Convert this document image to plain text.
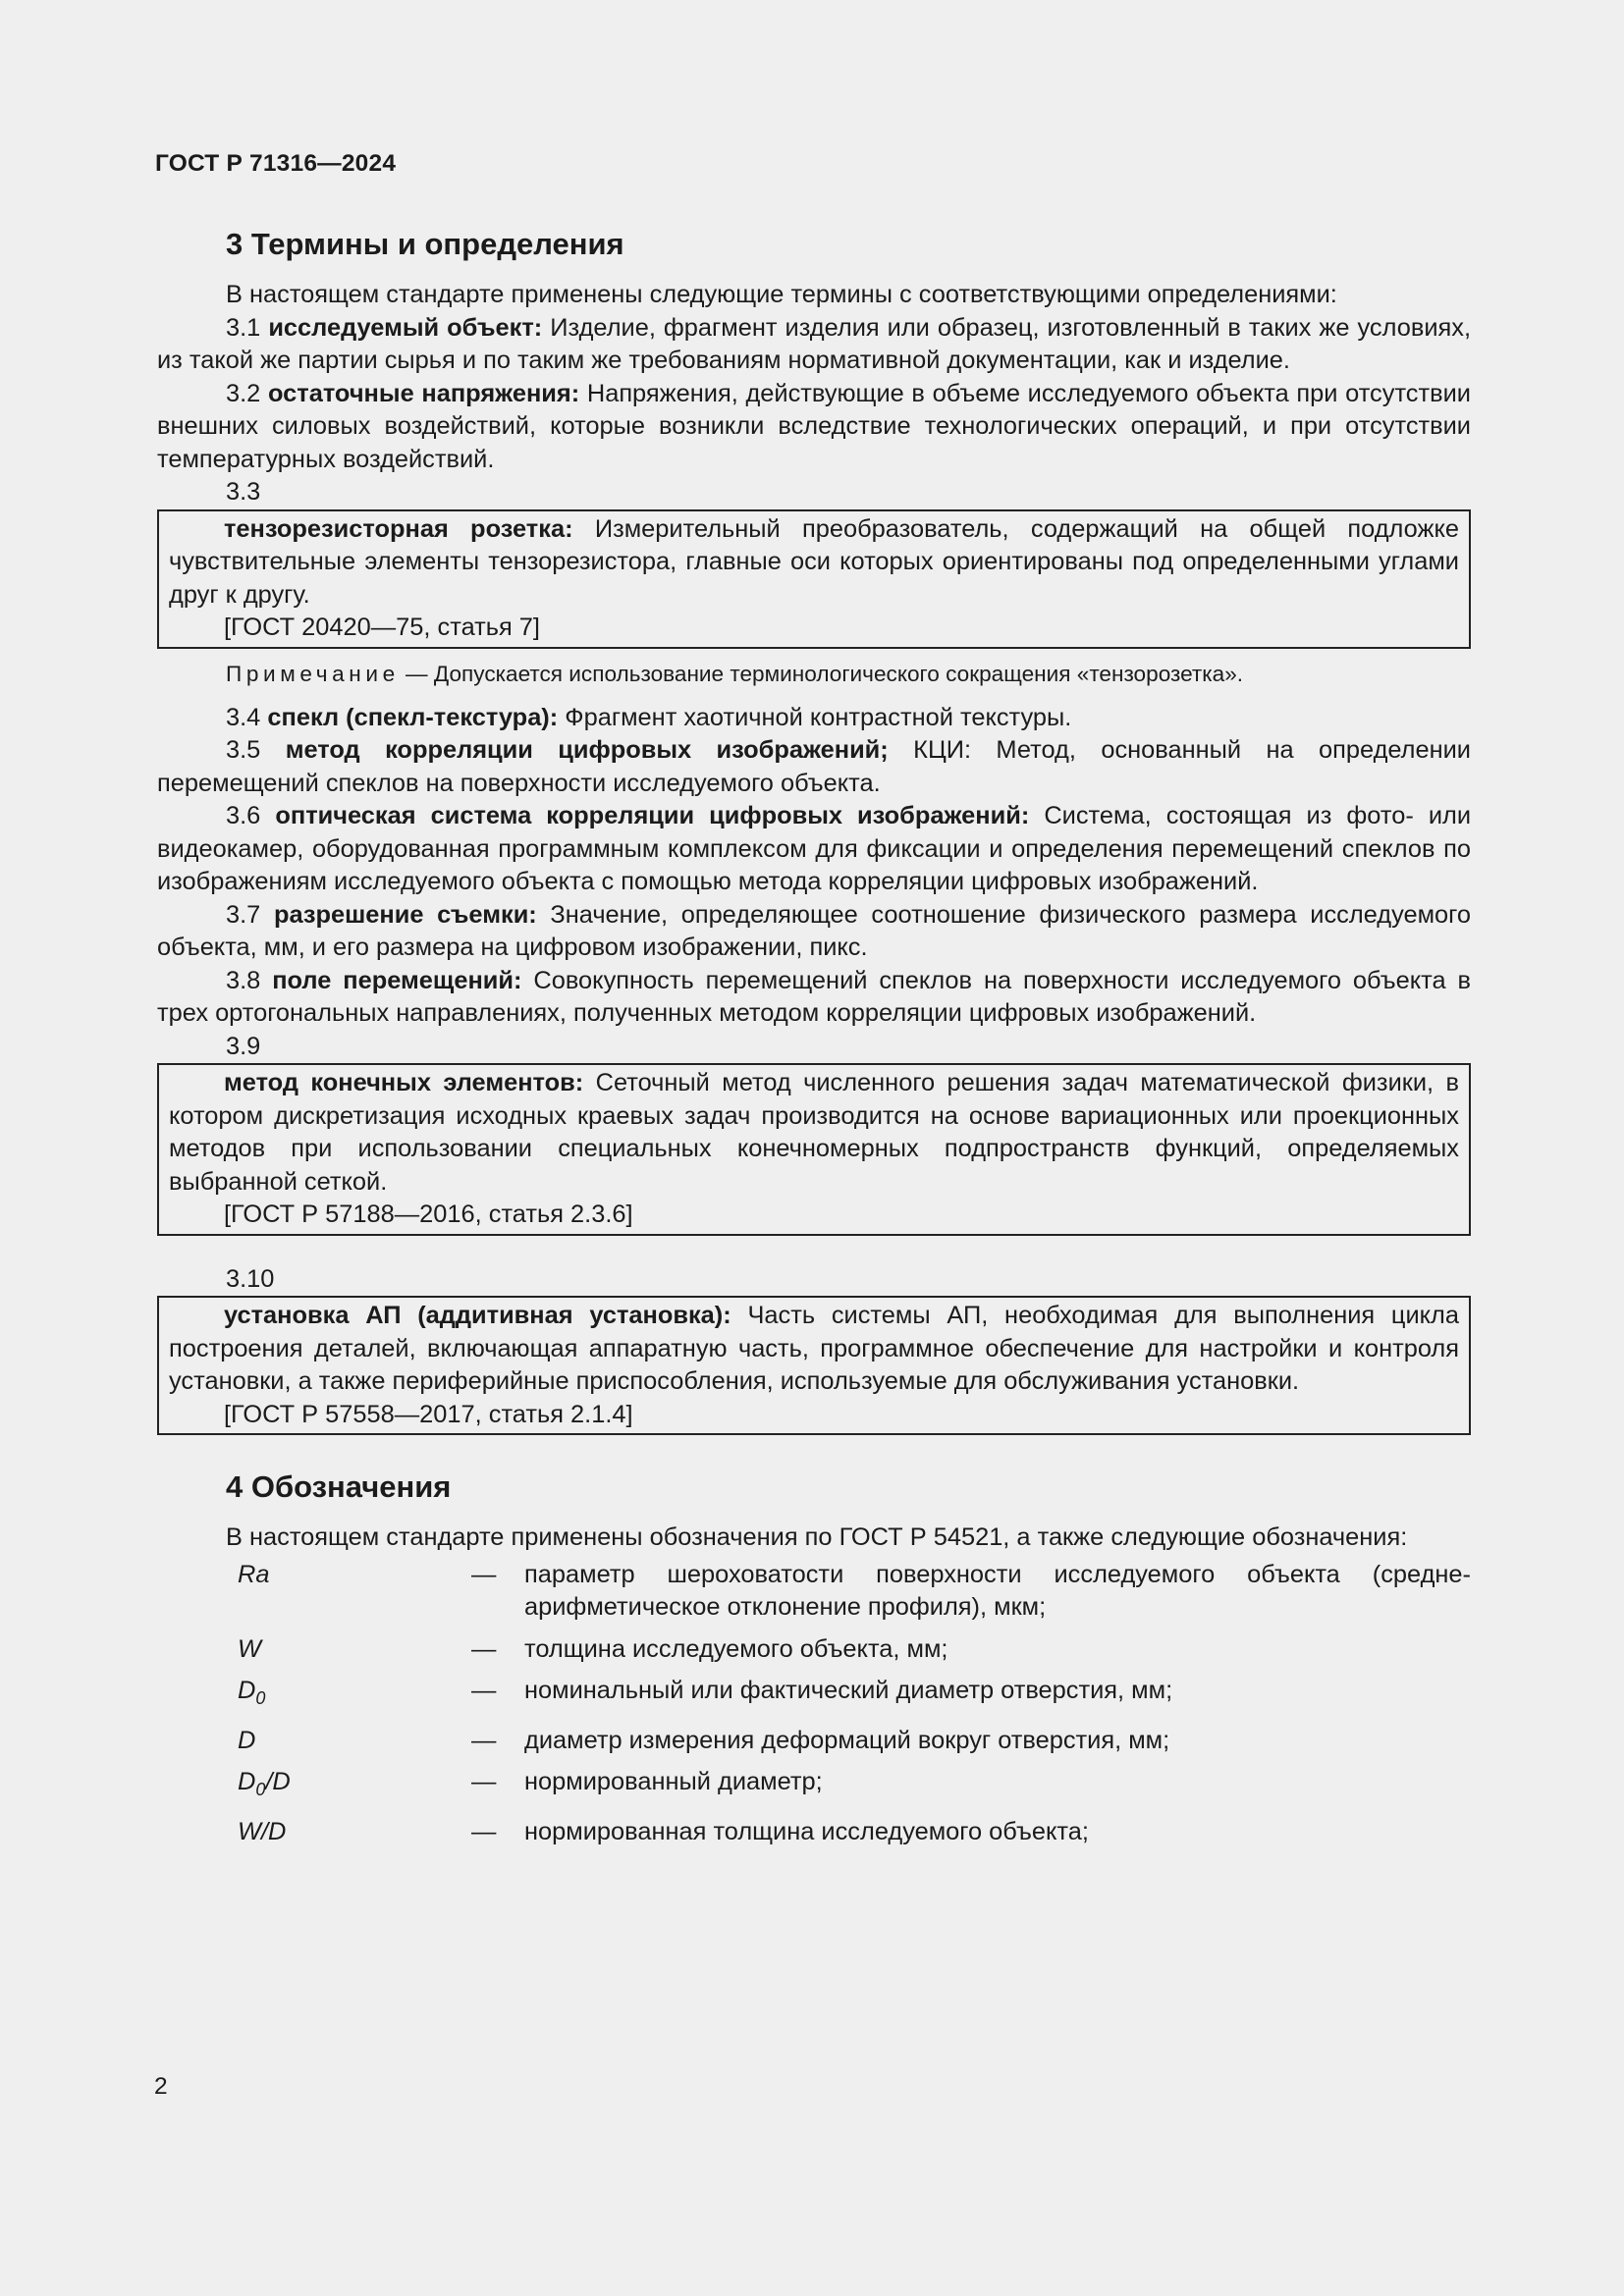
ГОСТ Р 71316—2024
3 Термины и определения

В настоящем стандарте применены следующие термины с соответствующими определениями:

3.1 исследуемый объект: Изделие, фрагмент изделия или образец, изготовленный в таких же условиях, из такой же партии сырья и по таким же требованиям нормативной документации, как и изделие.

3.2 остаточные напряжения: Напряжения, действующие в объеме исследуемого объекта при отсутствии внешних силовых воздействий, которые возникли вследствие технологических операций, и при отсутствии температурных воздействий.

3.3

тензорезисторная розетка: Измерительный преобразователь, содержащий на общей подложке чувствительные элементы тензорезистора, главные оси которых ориентированы под определенными углами друг к другу.

[ГОСТ 20420—75, статья 7]

Примечание — Допускается использование терминологического сокращения «тензорозетка».

3.4 спекл (спекл-текстура): Фрагмент хаотичной контрастной текстуры.

3.5 метод корреляции цифровых изображений; КЦИ: Метод, основанный на определении перемещений спеклов на поверхности исследуемого объекта.

3.6 оптическая система корреляции цифровых изображений: Система, состоящая из фото- или видеокамер, оборудованная программным комплексом для фиксации и определения перемещений спеклов по изображениям исследуемого объекта с помощью метода корреляции цифровых изображений.

3.7 разрешение съемки: Значение, определяющее соотношение физического размера исследуемого объекта, мм, и его размера на цифровом изображении, пикс.

3.8 поле перемещений: Совокупность перемещений спеклов на поверхности исследуемого объекта в трех ортогональных направлениях, полученных методом корреляции цифровых изображений.

3.9

метод конечных элементов: Сеточный метод численного решения задач математической физики, в котором дискретизация исходных краевых задач производится на основе вариационных или проекционных методов при использовании специальных конечномерных подпространств функций, определяемых выбранной сеткой.

[ГОСТ Р 57188—2016, статья 2.3.6]

3.10

установка АП (аддитивная установка): Часть системы АП, необходимая для выполнения цикла построения деталей, включающая аппаратную часть, программное обеспечение для настройки и контроля установки, а также периферийные приспособления, используемые для обслуживания установки.

[ГОСТ Р 57558—2017, статья 2.1.4]

4 Обозначения

В настоящем стандарте применены обозначения по ГОСТ Р 54521, а также следующие обозначения:

Ra	—	параметр шероховатости поверхности исследуемого объекта (средне-арифметическое отклонение профиля), мкм;
W	—	толщина исследуемого объекта, мм;
$D_0$	—	номинальный или фактический диаметр отверстия, мм;
D	—	диаметр измерения деформаций вокруг отверстия, мм;
$D_0/D$	—	нормированный диаметр;
W/D	—	нормированная толщина исследуемого объекта;
2
